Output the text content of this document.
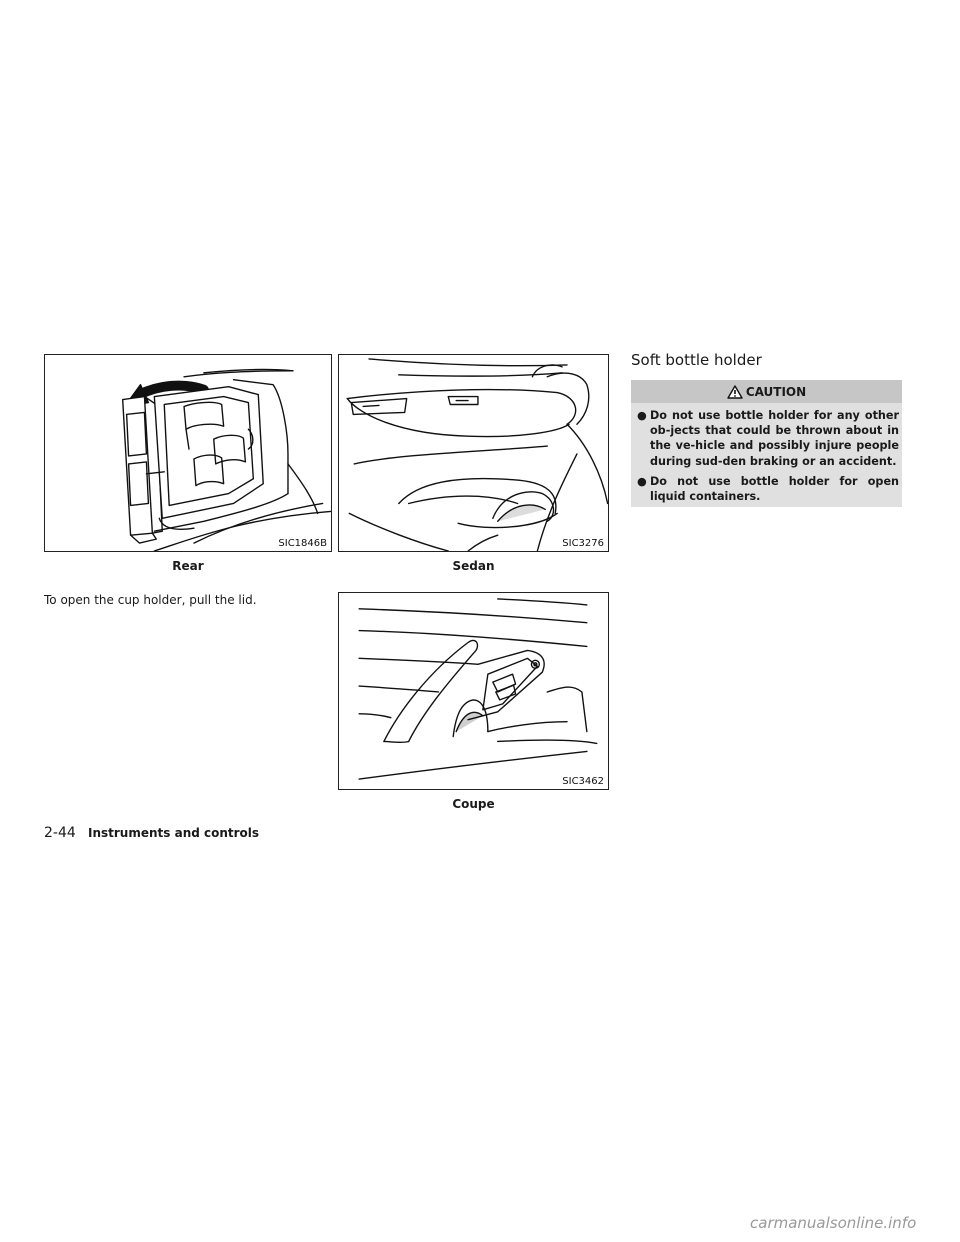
SIC1846B
Rear
SIC3276
Sedan
SIC3462
Coupe
To open the cup holder, pull the lid.
Soft bottle holder
CAUTION
● Do not use bottle holder for any other ob-jects that could be thrown about in the ve-hicle and possibly injure people during sud-den braking or an accident.
● Do not use bottle holder for open liquid containers.
2-44 Instruments and controls
carmanualsonline.info
